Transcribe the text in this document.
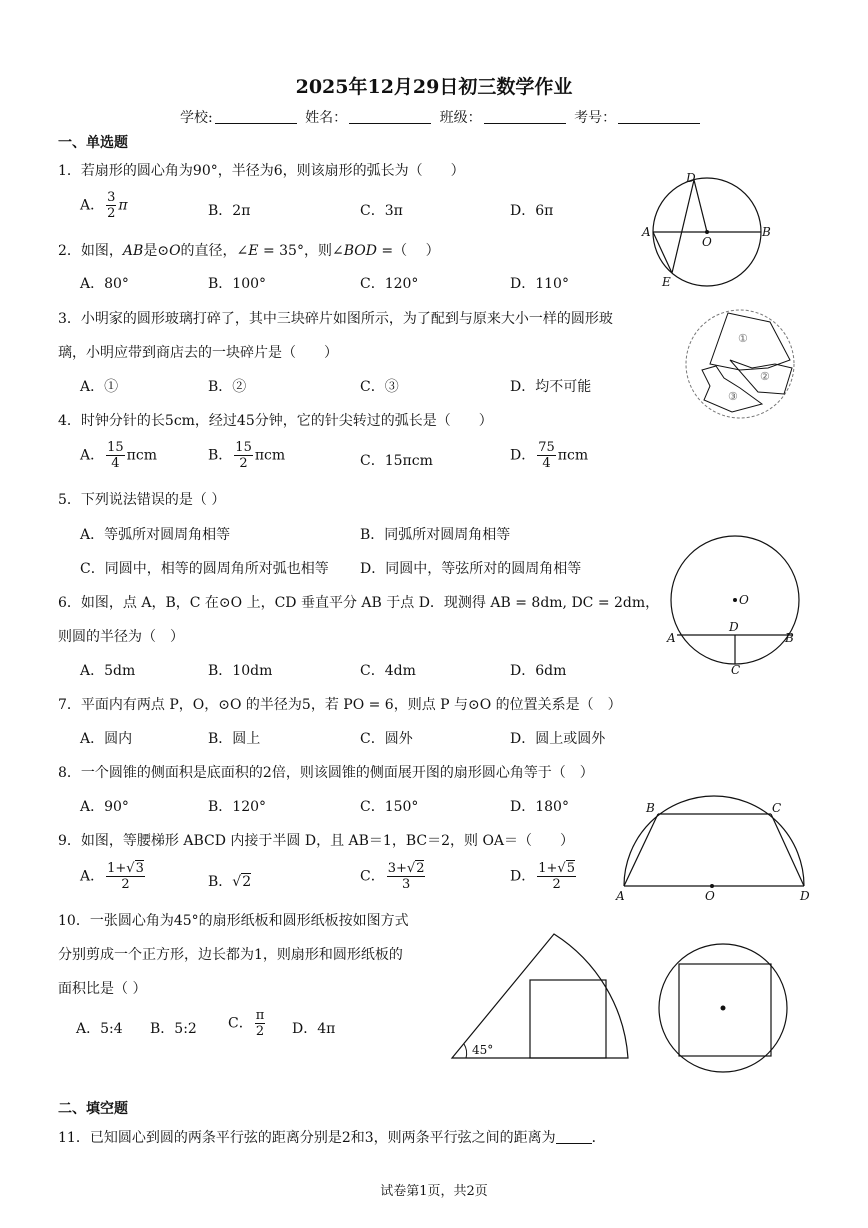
2025年12月29日初三数学作业
学校:	姓名：	班级：	考号：
一、单选题
1．若扇形的圆心角为90°，半径为6，则该扇形的弧长为（　　）
A． $\frac{3}{2}$ π	B．2π	C．3π	D．6π
2．如图，AB是⊙O的直径，∠E = 35°，则∠BOD =（　 ）
A．80°	B．100°	C．120°	D．110°
3．小明家的圆形玻璃打碎了，其中三块碎片如图所示，为了配到与原来大小一样的圆形玻
璃，小明应带到商店去的一块碎片是（　　）
A．①	B．②	C．③	D．均不可能
4．时钟分针的长5cm，经过45分钟，它的针尖转过的弧长是（　　）
A． $\frac{15}{4}$ πcm	B． $\frac{15}{2}$ πcm	C．15πcm	D． $\frac{75}{4}$ πcm
5．下列说法错误的是（ ）
A．等弧所对圆周角相等	B．同弧所对圆周角相等
C．同圆中，相等的圆周角所对弧也相等 D．同圆中，等弦所对的圆周角相等
6．如图，点 A，B，C 在⊙O 上，CD 垂直平分 AB 于点 D．现测得 AB = 8dm, DC = 2dm，
则圆的半径为（　）
A．5dm	B．10dm	C．4dm	D．6dm
7．平面内有两点 P，O，⊙O 的半径为5，若 PO = 6，则点 P 与⊙O 的位置关系是（　）
A．圆内	B．圆上	C．圆外	D．圆上或圆外
8．一个圆锥的侧面积是底面积的2倍，则该圆锥的侧面展开图的扇形圆心角等于（　）
A．90°	B．120°	C．150°	D．180°
9．如图，等腰梯形 ABCD 内接于半圆 D，且 AB＝1，BC＝2，则 OA＝（　　）
A． $\frac{1+√3}{2}$	B．√2	C． $\frac{3+√2}{3}$	D． $\frac{1+√5}{2}$
10．一张圆心角为45°的扇形纸板和圆形纸板按如图方式
分别剪成一个正方形，边长都为1，则扇形和圆形纸板的
面积比是（ ）
A．5:4 B．5:2 C． $\frac{\pi}{2}$ D．4π
二、填空题
11．已知圆心到圆的两条平行弦的距离分别是2和3，则两条平行弦之间的距离为	．
试卷第1页，共2页
D
A
O
B
E
①
②
③
O
A
D
B
C
B	C
A	O	D
45°
